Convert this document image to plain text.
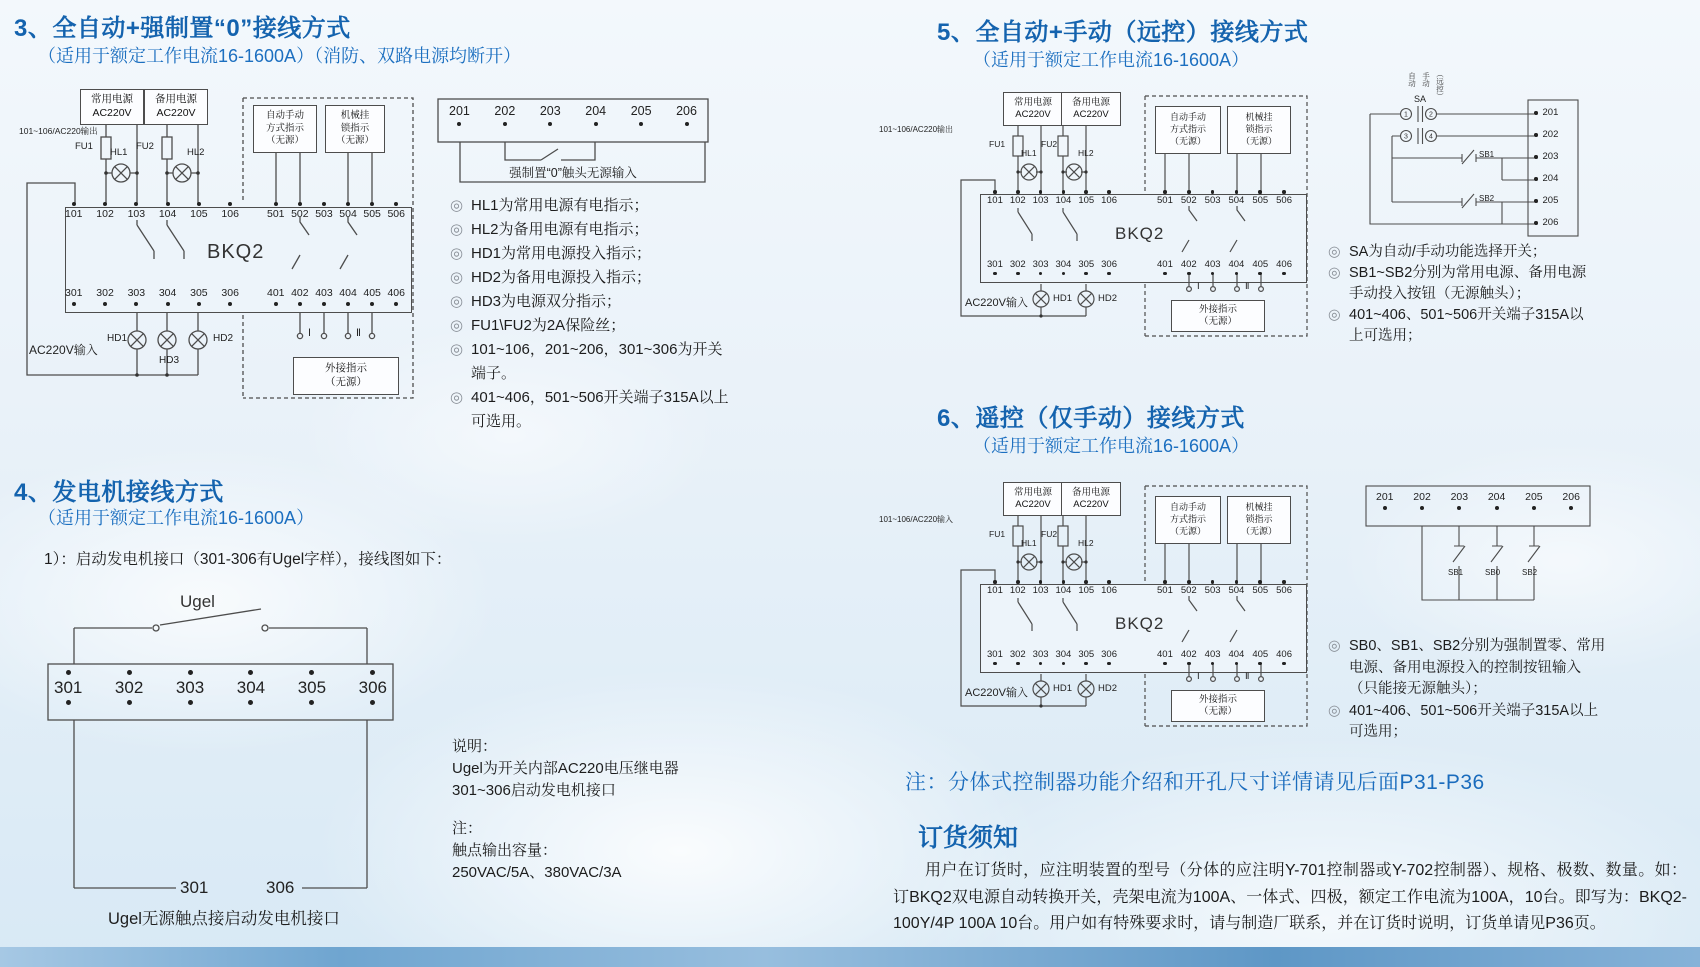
3、全自动+强制置“0”接线方式
（适用于额定工作电流16-1600A）（消防、双路电源均断开）
常用电源
AC220V
备用电源
AC220V
101~106/AC220输出
FU1	FU2
HL1	HL2
BKQ2
自动手动
方式指示
（无源）
机械挂
锁指示
（无源）
外接指示
（无源）
Ⅰ	Ⅱ
HD1
HD3
HD2
AC220V输入
101 102 103 104 105 106	501 502 503 504 505 506
301 302 303 304 305 306	401 402 403 404 405 406
201 202 203 204 205 206
强制置“0”触头无源输入
◎ HL1为常用电源有电指示；
◎ HL2为备用电源有电指示；
◎ HD1为常用电源投入指示；
◎ HD2为备用电源投入指示；
◎ HD3为电源双分指示；
◎ FU1\FU2为2A保险丝；
◎ 101~106，201~206，301~306为开关端子。
◎ 401~406，501~506开关端子315A以上可选用。
4、发电机接线方式
（适用于额定工作电流16-1600A）
1）：启动发电机接口（301-306有Ugel字样），接线图如下：
Ugel
301 302 303 304 305 306
301	306
Ugel无源触点接启动发电机接口
说明：
Ugel为开关内部AC220电压继电器
301~306启动发电机接口
注：
触点输出容量：
250VAC/5A、380VAC/3A
5、全自动+手动（远控）接线方式
（适用于额定工作电流16-1600A）
常用电源
AC220V
备用电源
AC220V
101~106/AC220输出
FU1	FU2
HL1	HL2
BKQ2
自动手动
方式指示
（无源）
机械挂
锁指示
（无源）
外接指示
（无源）
Ⅰ	Ⅱ
HD1	HD2
AC220V输入
101 102 103 104 105 106	501 502 503 504 505 506
301 302 303 304 305 306	401 402 403 404 405 406
1	2
3	4
自动 手动 （远控）
SA
SB1
SB2
201
202
203
204
205
206
◎ SA为自动/手动功能选择开关；
◎ SB1~SB2分别为常用电源、备用电源手动投入按钮（无源触头）；
◎ 401~406、501~506开关端子315A以上可选用；
6、遥控（仅手动）接线方式
（适用于额定工作电流16-1600A）
常用电源
AC220V
备用电源
AC220V
101~106/AC220输入
FU1	FU2
HL1	HL2
BKQ2
自动手动
方式指示
（无源）
机械挂
锁指示
（无源）
外接指示
（无源）
Ⅰ	Ⅱ
HD1	HD2
AC220V输入
101 102 103 104 105 106	501 502 503 504 505 506
301 302 303 304 305 306	401 402 403 404 405 406
201 202 203 204 205 206
SB1	SB0	SB2
◎ SB0、SB1、SB2分别为强制置零、常用电源、备用电源投入的控制按钮输入（只能接无源触头）；
◎ 401~406、501~506开关端子315A以上可选用；
注：分体式控制器功能介绍和开孔尺寸详情请见后面P31-P36
订货须知
用户在订货时，应注明装置的型号（分体的应注明Y-701控制器或Y-702控制器）、规格、极数、数量。如：订BKQ2双电源自动转换开关，壳架电流为100A、一体式、四极，额定工作电流为100A，10台。即写为：BKQ2-100Y/4P 100A 10台。用户如有特殊要求时，请与制造厂联系，并在订货时说明，订货单请见P36页。
